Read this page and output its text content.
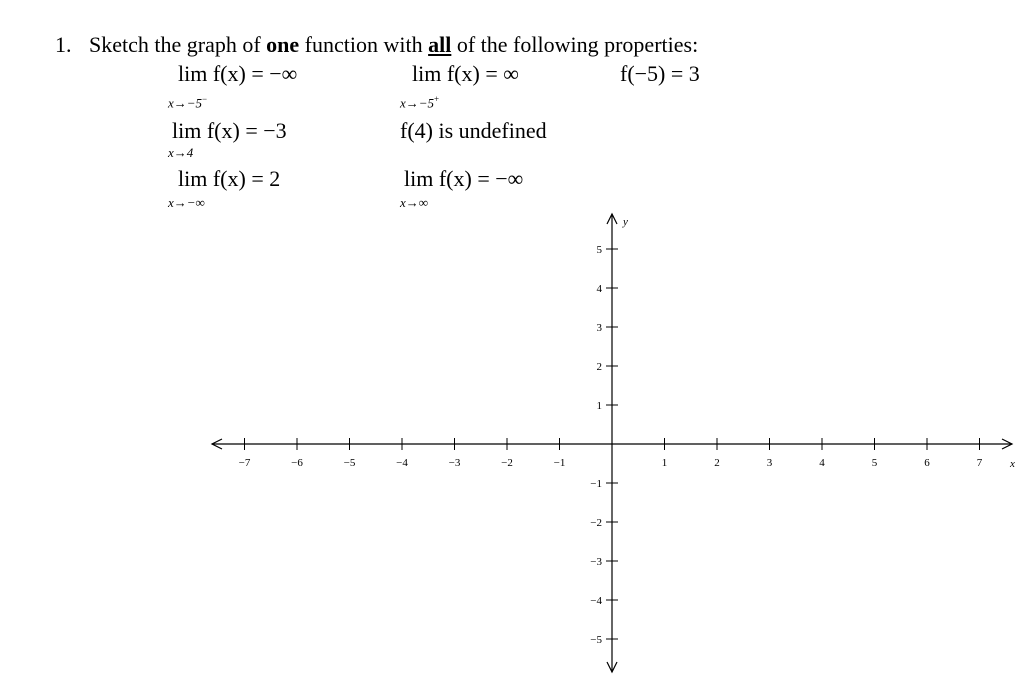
1. Sketch the graph of one function with all of the following properties:
lim f(x) = −∞
x→−5−
lim f(x) = ∞
x→−5+
f(−5) = 3
lim f(x) = −3
x→4
f(4) is undefined
lim f(x) = 2
x→−∞
lim f(x) = −∞
x→∞
−7	−6	−5	−4	−3	−2	−1	1	2	3	4	5	6	7
5
4
3
2
1
−1
−2
−3
−4
−5
x
y
